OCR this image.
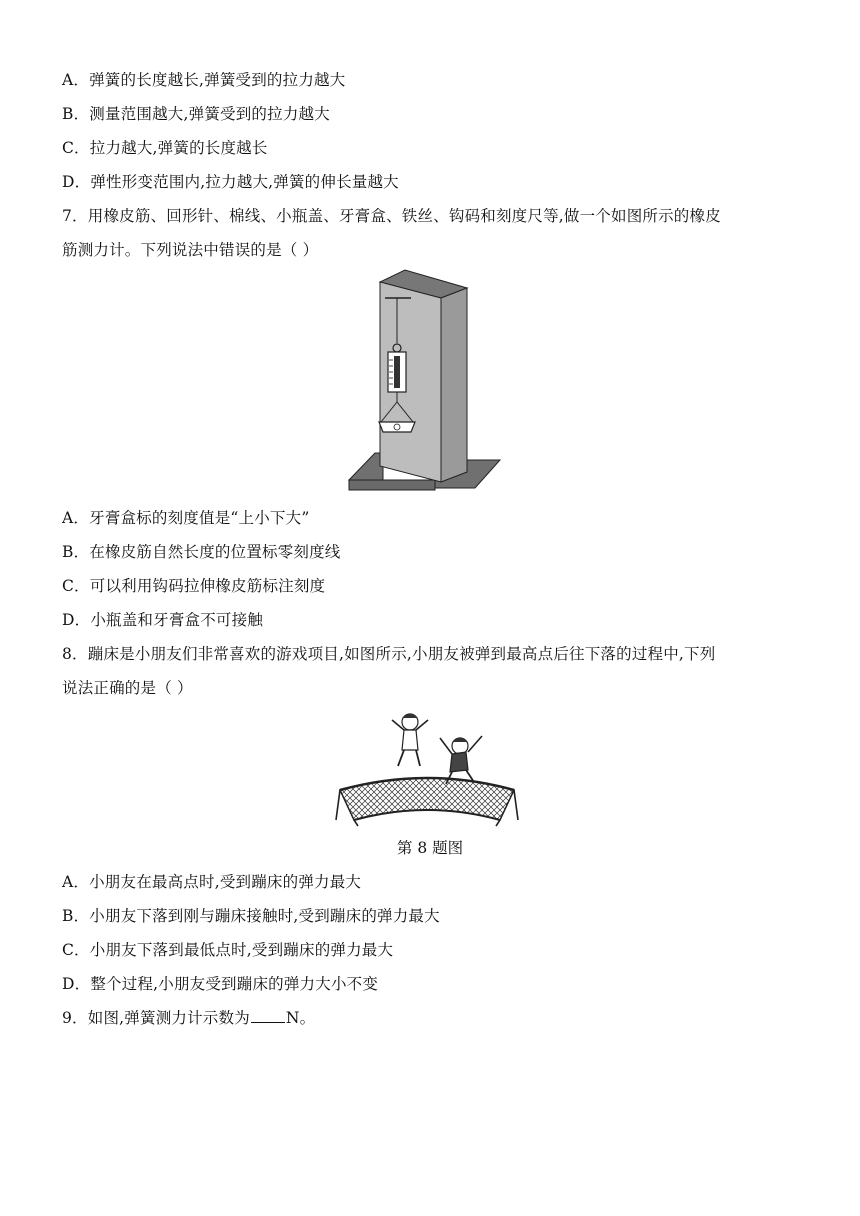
A．弹簧的长度越长,弹簧受到的拉力越大
B．测量范围越大,弹簧受到的拉力越大
C．拉力越大,弹簧的长度越长
D．弹性形变范围内,拉力越大,弹簧的伸长量越大
7．用橡皮筋、回形针、棉线、小瓶盖、牙膏盒、铁丝、钩码和刻度尺等,做一个如图所示的橡皮
筋测力计。下列说法中错误的是（ ）
A．牙膏盒标的刻度值是“上小下大”
B．在橡皮筋自然长度的位置标零刻度线
C．可以利用钩码拉伸橡皮筋标注刻度
D．小瓶盖和牙膏盒不可接触
8．蹦床是小朋友们非常喜欢的游戏项目,如图所示,小朋友被弹到最高点后往下落的过程中,下列
说法正确的是（ ）
第 8 题图
A．小朋友在最高点时,受到蹦床的弹力最大
B．小朋友下落到刚与蹦床接触时,受到蹦床的弹力最大
C．小朋友下落到最低点时,受到蹦床的弹力最大
D．整个过程,小朋友受到蹦床的弹力大小不变
9．如图,弹簧测力计示数为 N。
